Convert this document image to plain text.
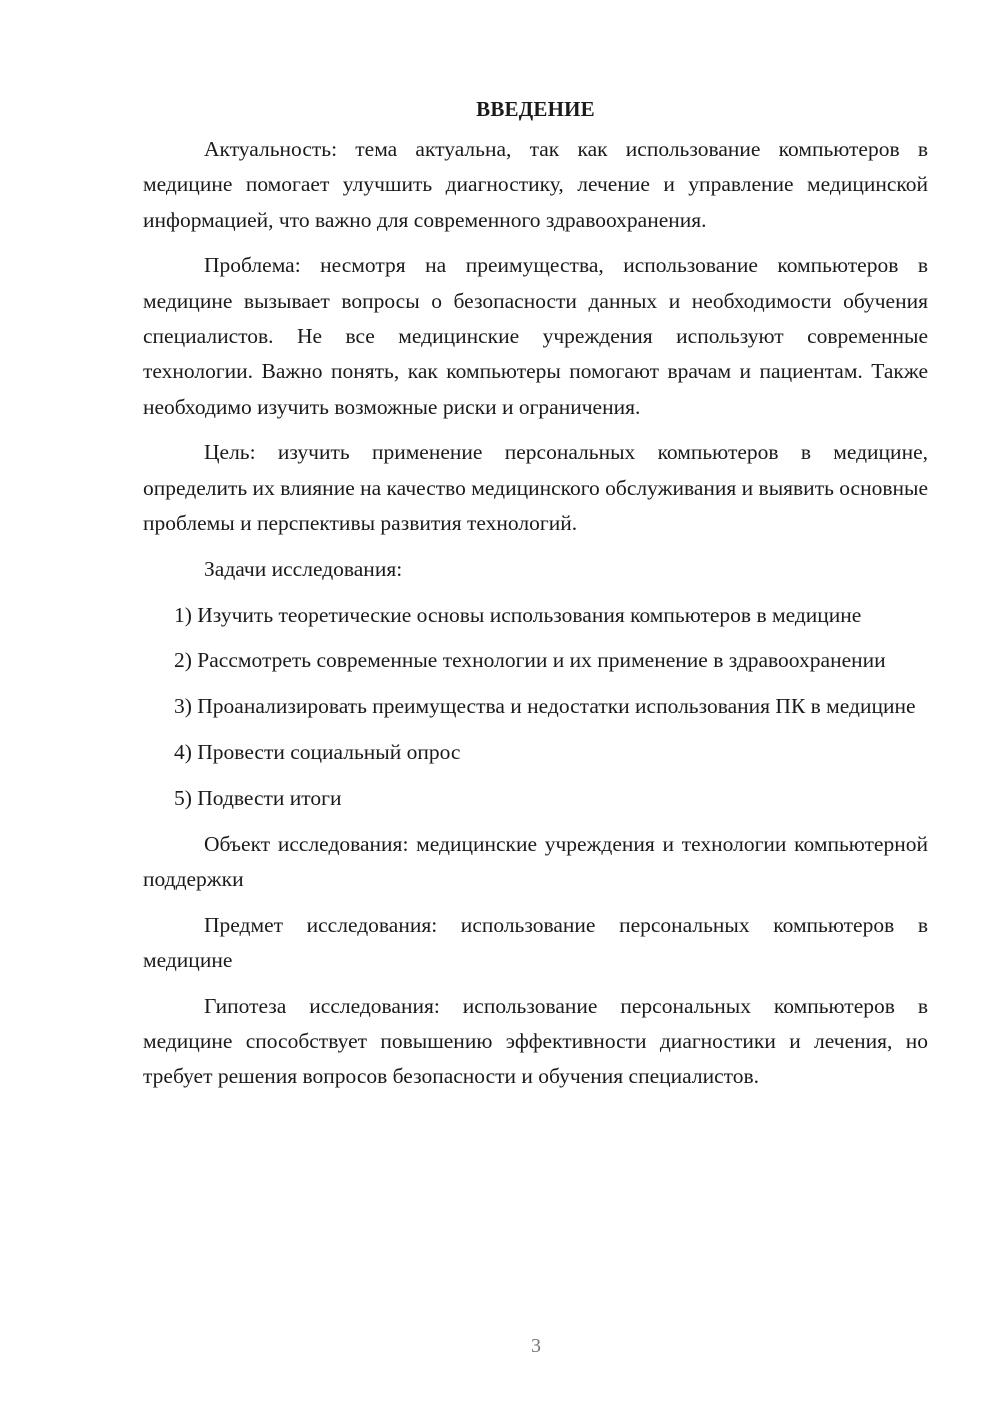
ВВЕДЕНИЕ

Актуальность: тема актуальна, так как использование компьютеров в медицине помогает улучшить диагностику, лечение и управление медицинской информацией, что важно для современного здравоохранения.

Проблема: несмотря на преимущества, использование компьютеров в медицине вызывает вопросы о безопасности данных и необходимости обучения специалистов. Не все медицинские учреждения используют современные технологии. Важно понять, как компьютеры помогают врачам и пациентам. Также необходимо изучить возможные риски и ограничения.

Цель: изучить применение персональных компьютеров в медицине, определить их влияние на качество медицинского обслуживания и выявить основные проблемы и перспективы развития технологий.

Задачи исследования:

1) Изучить теоретические основы использования компьютеров в медицине

2) Рассмотреть современные технологии и их применение в здравоохранении

3) Проанализировать преимущества и недостатки использования ПК в медицине

4) Провести социальный опрос

5) Подвести итоги

Объект исследования: медицинские учреждения и технологии компьютерной поддержки

Предмет исследования: использование персональных компьютеров в медицине

Гипотеза исследования: использование персональных компьютеров в медицине способствует повышению эффективности диагностики и лечения, но требует решения вопросов безопасности и обучения специалистов.

3
